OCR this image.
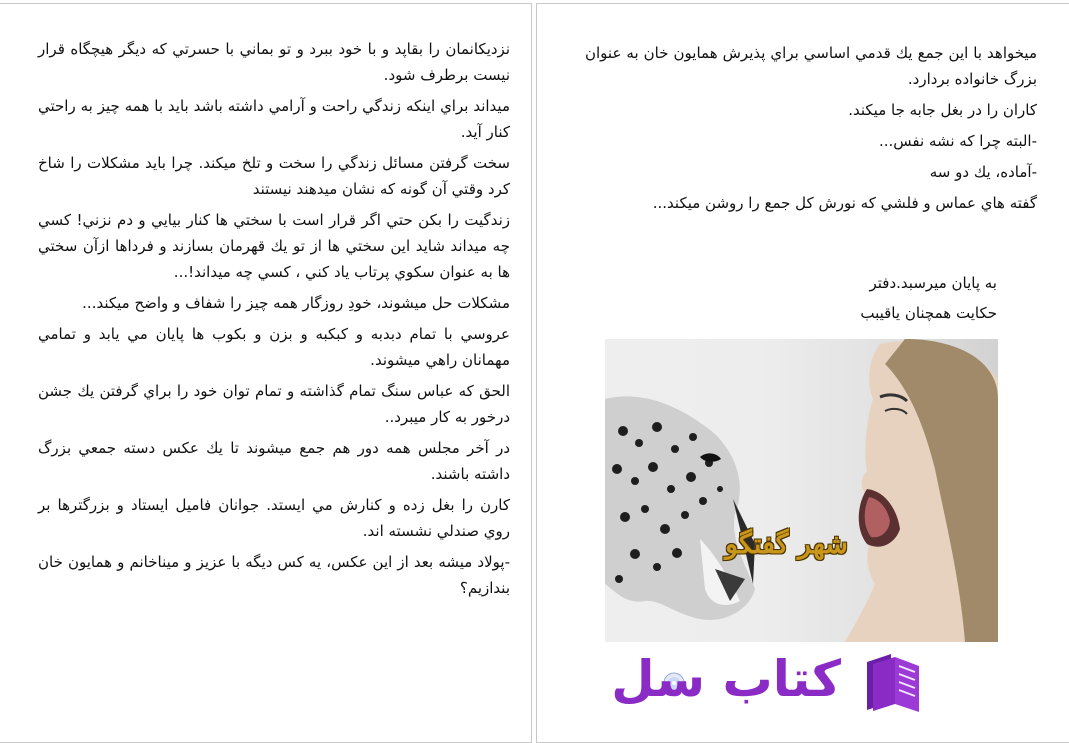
نزديکانمان را بقاپد و با خود ببرد و تو بماني با حسرتي که ديگر هيچگاه قرار نيست برطرف شود.

ميداند براي اينکه زندگي راحت و آرامي داشته باشد بايد با همه چيز به راحتي کنار آيد.

سخت گرفتن مسائل زندگي را سخت و تلخ ميکند. چرا بايد مشکلات را شاخ کرد وقتي آن گونه که نشان ميدهند نيستند

زندگيت را بکن حتي اگر قرار است با سختي ها کنار بيايي و دم نزني! کسي چه ميداند شايد اين سختي ها از تو يك قهرمان بسازند و فرداها ازآن سختي ها به عنوان سکوي پرتاب ياد کني ، کسي چه ميداند!...

مشکلات حل ميشوند، خودِ روزگار همه چيز را شفاف و واضح ميکند...

عروسي با تمام دبدبه و کبکبه و بزن و بکوب ها پايان مي يابد و تمامي مهمانان راهي ميشوند.

الحق که عباس سنگ تمام گذاشته و تمام توان خود را براي گرفتن يك جشن درخور به کار ميبرد..

در آخر مجلس همه دور هم جمع ميشوند تا يك عکس دسته جمعي بزرگ داشته باشند.

کارن را بغل زده و کنارش مي ايستد. جوانان فاميل ايستاد و بزرگترها بر روي صندلي نشسته اند.

-پولاد ميشه بعد از اين عکس، يه کس ديگه با عزيز و ميناخانم و همايون خان بندازيم؟

ميخواهد با اين جمع يك قدمي اساسي براي پذيرش همايون خان به عنوان بزرگ خانواده بردارد.

کاران را در بغل جابه جا ميکند.

-البته چرا که نشه نفس...

-آماده، يك دو سه

گفته هاي عماس و فلشي که نورش کل جمع را روشن ميکند...

به پايان ميرسبد.دفتر
حکايت همچنان ياقيبب
شهر گفتگو
کتاب سل
